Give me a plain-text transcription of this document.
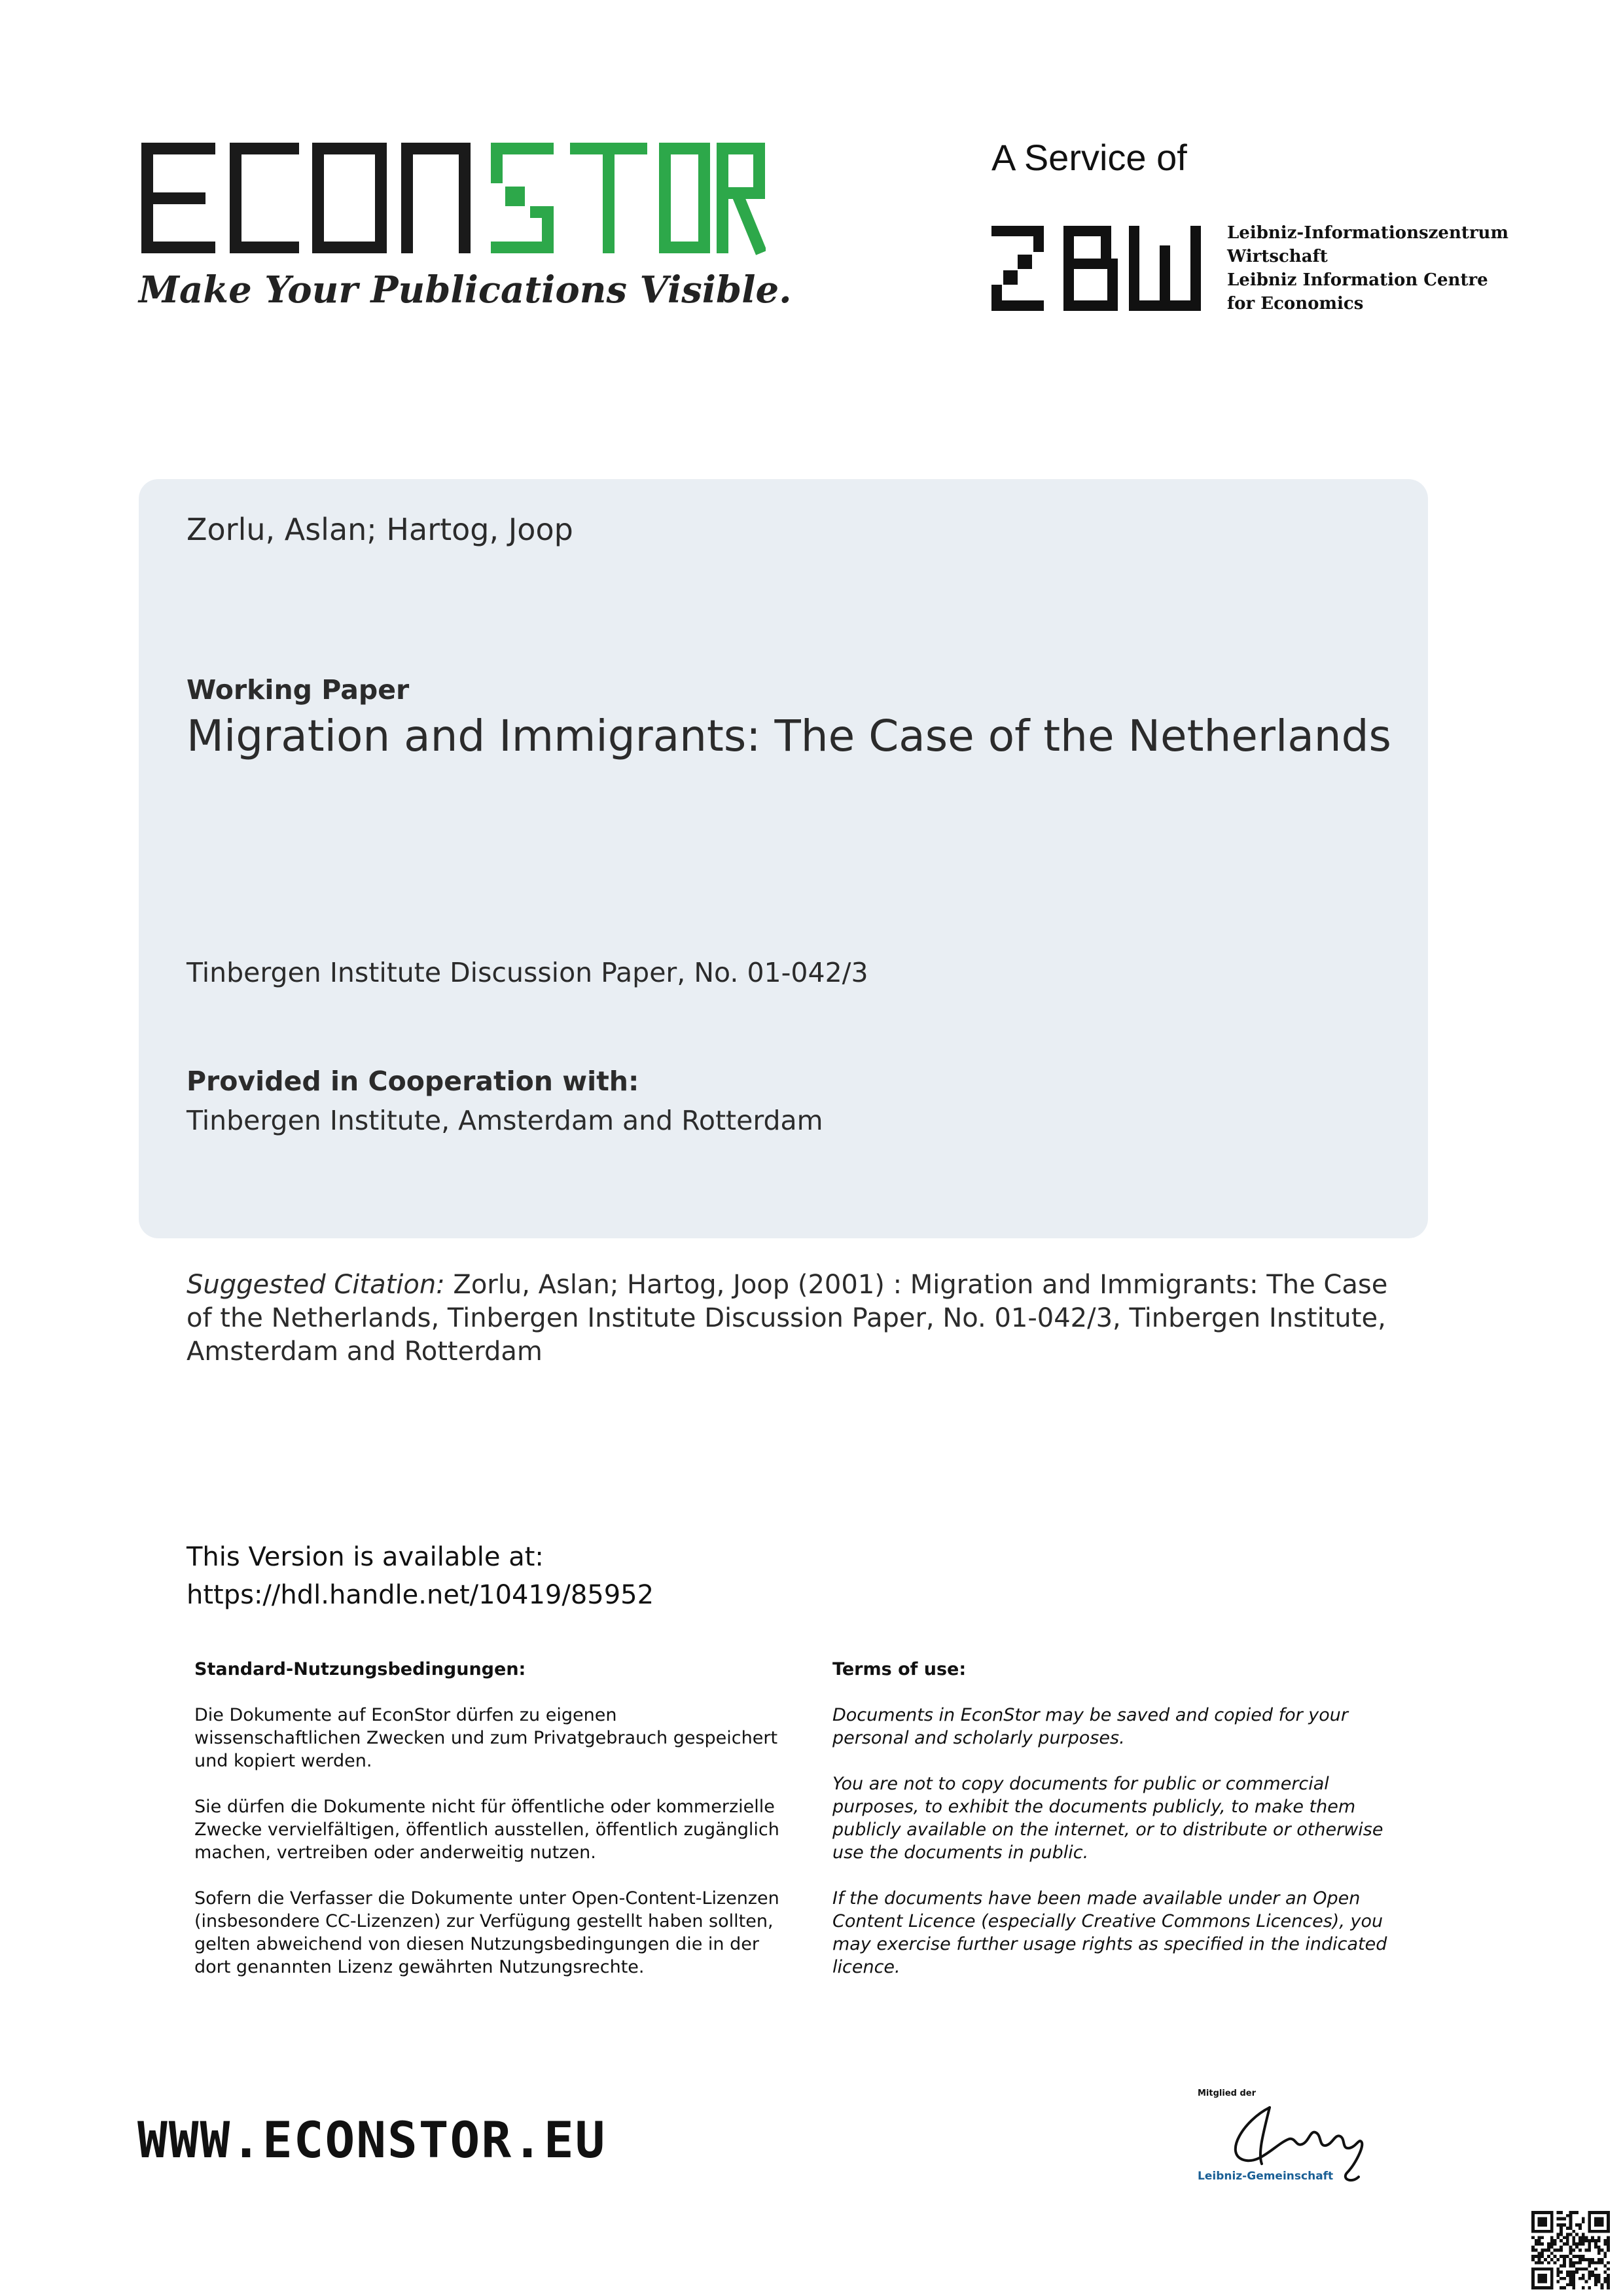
Make Your Publications Visible.
A Service of
Leibniz-Informationszentrum
Wirtschaft
Leibniz Information Centre
for Economics
Zorlu, Aslan; Hartog, Joop
Working Paper
Migration and Immigrants: The Case of the Netherlands
Tinbergen Institute Discussion Paper, No. 01-042/3
Provided in Cooperation with:
Tinbergen Institute, Amsterdam and Rotterdam
Suggested Citation: Zorlu, Aslan; Hartog, Joop (2001) : Migration and Immigrants: The Case of the Netherlands, Tinbergen Institute Discussion Paper, No. 01-042/3, Tinbergen Institute, Amsterdam and Rotterdam
This Version is available at:
https://hdl.handle.net/10419/85952
Standard-Nutzungsbedingungen:

Die Dokumente auf EconStor dürfen zu eigenen wissenschaftlichen Zwecken und zum Privatgebrauch gespeichert und kopiert werden.

Sie dürfen die Dokumente nicht für öffentliche oder kommerzielle Zwecke vervielfältigen, öffentlich ausstellen, öffentlich zugänglich machen, vertreiben oder anderweitig nutzen.

Sofern die Verfasser die Dokumente unter Open-Content-Lizenzen (insbesondere CC-Lizenzen) zur Verfügung gestellt haben sollten, gelten abweichend von diesen Nutzungsbedingungen die in der dort genannten Lizenz gewährten Nutzungsrechte.

Terms of use:

Documents in EconStor may be saved and copied for your personal and scholarly purposes.

You are not to copy documents for public or commercial purposes, to exhibit the documents publicly, to make them publicly available on the internet, or to distribute or otherwise use the documents in public.

If the documents have been made available under an Open Content Licence (especially Creative Commons Licences), you may exercise further usage rights as specified in the indicated licence.

WWW.ECONSTOR.EU
Mitglied der
Leibniz-Gemeinschaft
